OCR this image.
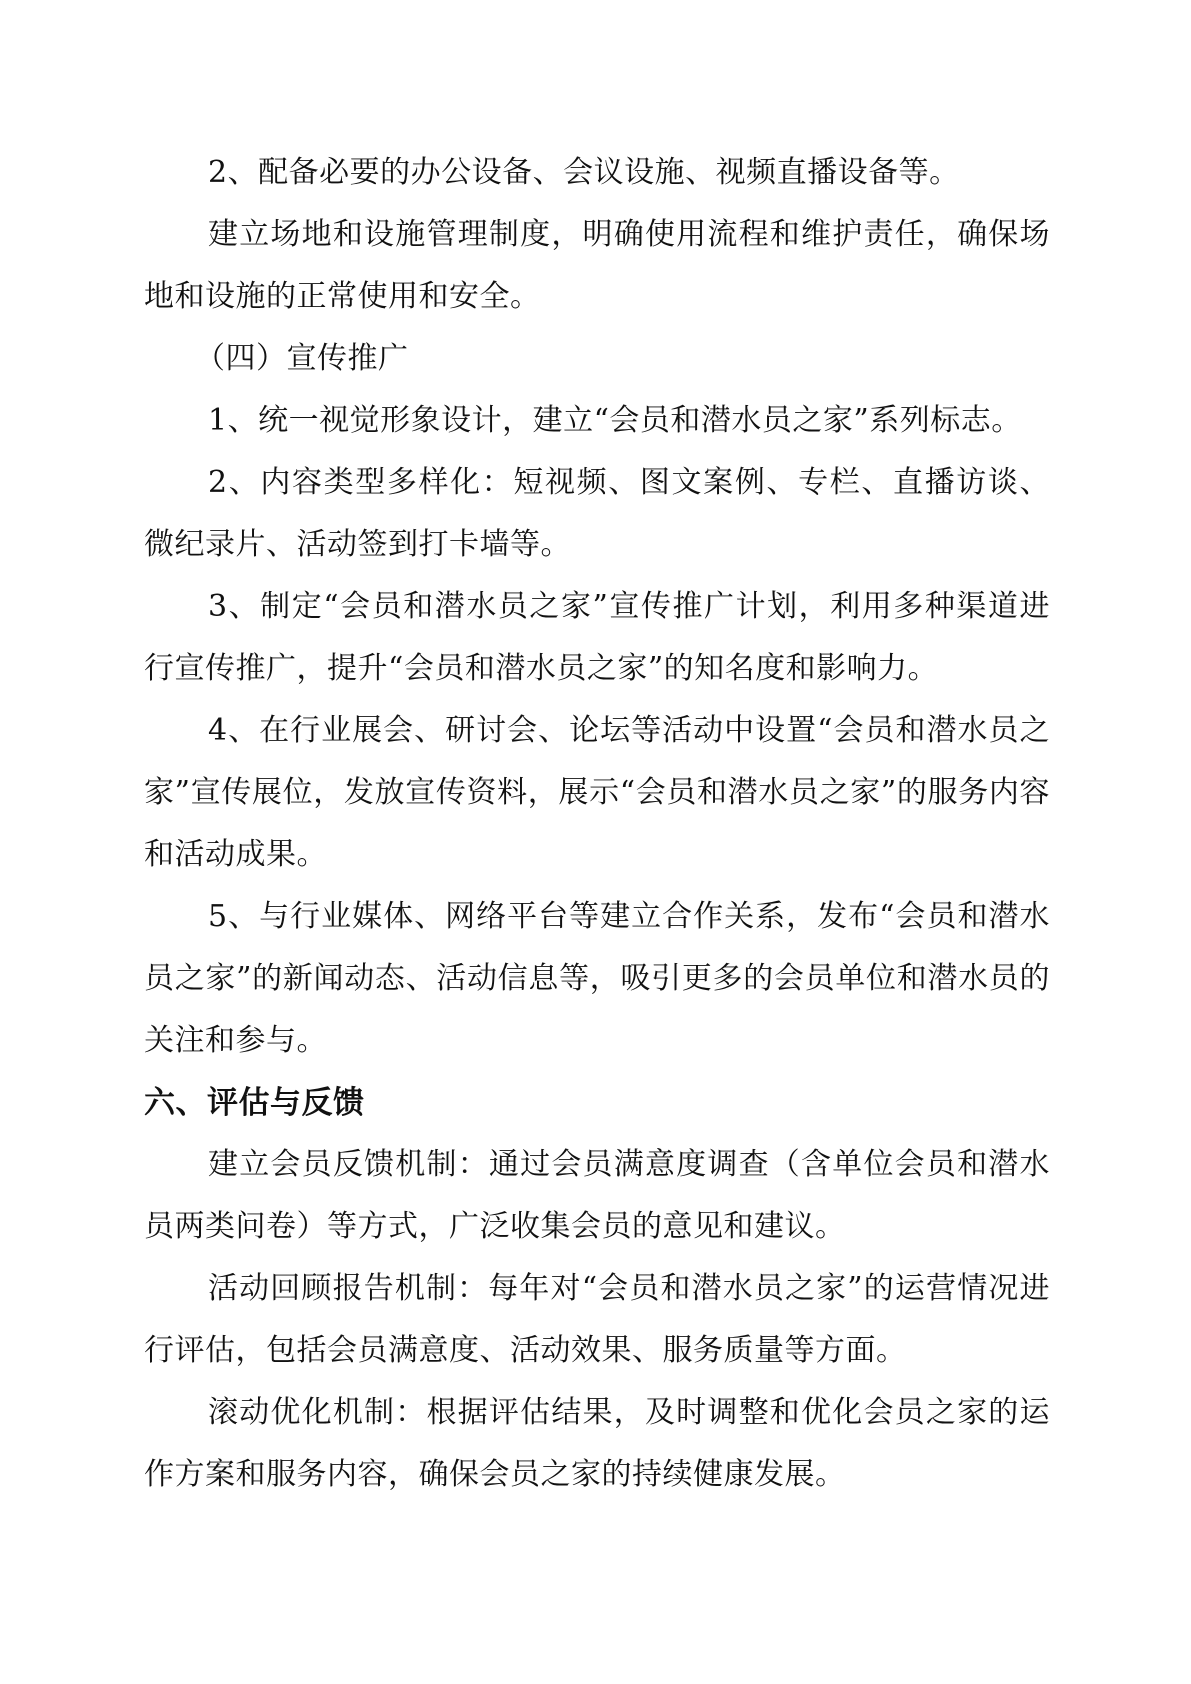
2、配备必要的办公设备、会议设施、视频直播设备等。

建立场地和设施管理制度，明确使用流程和维护责任，确保场地和设施的正常使用和安全。

（四）宣传推广

1、统一视觉形象设计，建立“会员和潜水员之家”系列标志。

2、内容类型多样化：短视频、图文案例、专栏、直播访谈、微纪录片、活动签到打卡墙等。

3、制定“会员和潜水员之家”宣传推广计划，利用多种渠道进行宣传推广，提升“会员和潜水员之家”的知名度和影响力。

4、在行业展会、研讨会、论坛等活动中设置“会员和潜水员之家”宣传展位，发放宣传资料，展示“会员和潜水员之家”的服务内容和活动成果。

5、与行业媒体、网络平台等建立合作关系，发布“会员和潜水员之家”的新闻动态、活动信息等，吸引更多的会员单位和潜水员的关注和参与。

六、评估与反馈

建立会员反馈机制：通过会员满意度调查（含单位会员和潜水员两类问卷）等方式，广泛收集会员的意见和建议。

活动回顾报告机制：每年对“会员和潜水员之家”的运营情况进行评估，包括会员满意度、活动效果、服务质量等方面。

滚动优化机制：根据评估结果，及时调整和优化会员之家的运作方案和服务内容，确保会员之家的持续健康发展。
